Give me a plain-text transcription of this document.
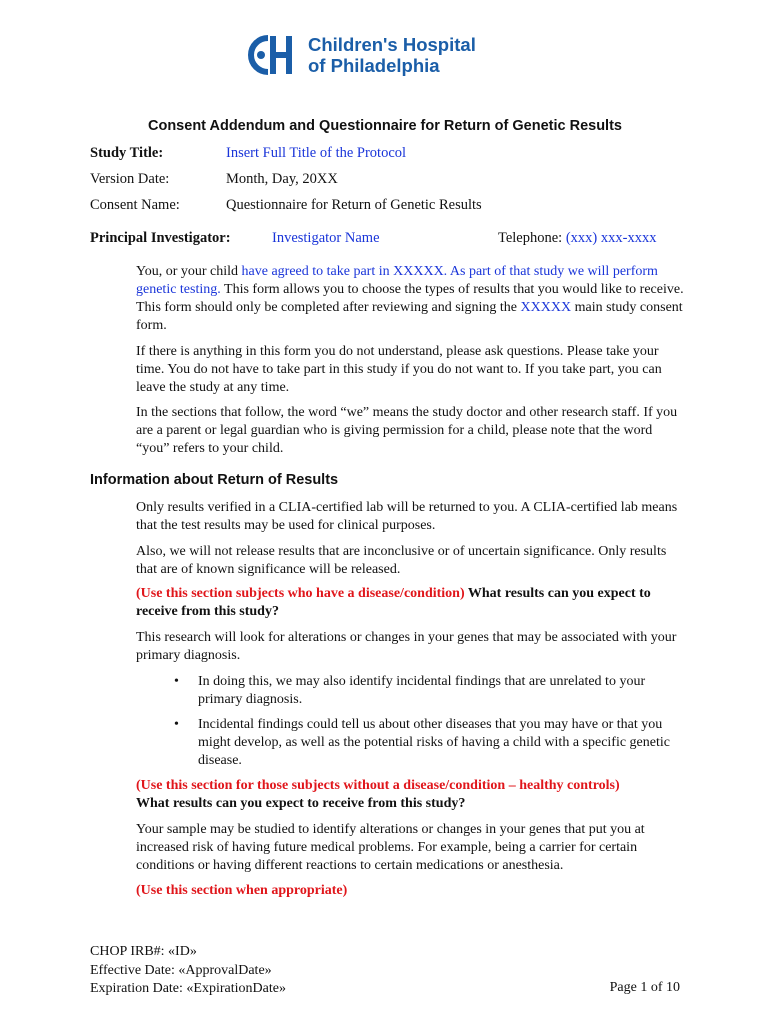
Children's Hospital
of Philadelphia
Consent Addendum and Questionnaire for Return of Genetic Results
Study Title:	Insert Full Title of the Protocol
Version Date:	Month, Day, 20XX
Consent Name:	Questionnaire for Return of Genetic Results
Principal Investigator:	Investigator Name	Telephone: (xxx) xxx-xxxx

You, or your child have agreed to take part in XXXXX. As part of that study we will perform genetic testing. This form allows you to choose the types of results that you would like to receive. This form should only be completed after reviewing and signing the XXXXX main study consent form.

If there is anything in this form you do not understand, please ask questions. Please take your time. You do not have to take part in this study if you do not want to. If you take part, you can leave the study at any time.

In the sections that follow, the word “we” means the study doctor and other research staff. If you are a parent or legal guardian who is giving permission for a child, please note that the word “you” refers to your child.

Information about Return of Results

Only results verified in a CLIA-certified lab will be returned to you. A CLIA-certified lab means that the test results may be used for clinical purposes.

Also, we will not release results that are inconclusive or of uncertain significance. Only results that are of known significance will be released.

(Use this section subjects who have a disease/condition) What results can you expect to receive from this study?

This research will look for alterations or changes in your genes that may be associated with your primary diagnosis.

• In doing this, we may also identify incidental findings that are unrelated to your primary diagnosis.
• Incidental findings could tell us about other diseases that you may have or that you might develop, as well as the potential risks of having a child with a specific genetic disease.

(Use this section for those subjects without a disease/condition – healthy controls)
What results can you expect to receive from this study?

Your sample may be studied to identify alterations or changes in your genes that put you at increased risk of having future medical problems. For example, being a carrier for certain conditions or having different reactions to certain medications or anesthesia.

(Use this section when appropriate)

CHOP IRB#: «ID»
Effective Date: «ApprovalDate»
Expiration Date: «ExpirationDate»	Page 1 of 10
